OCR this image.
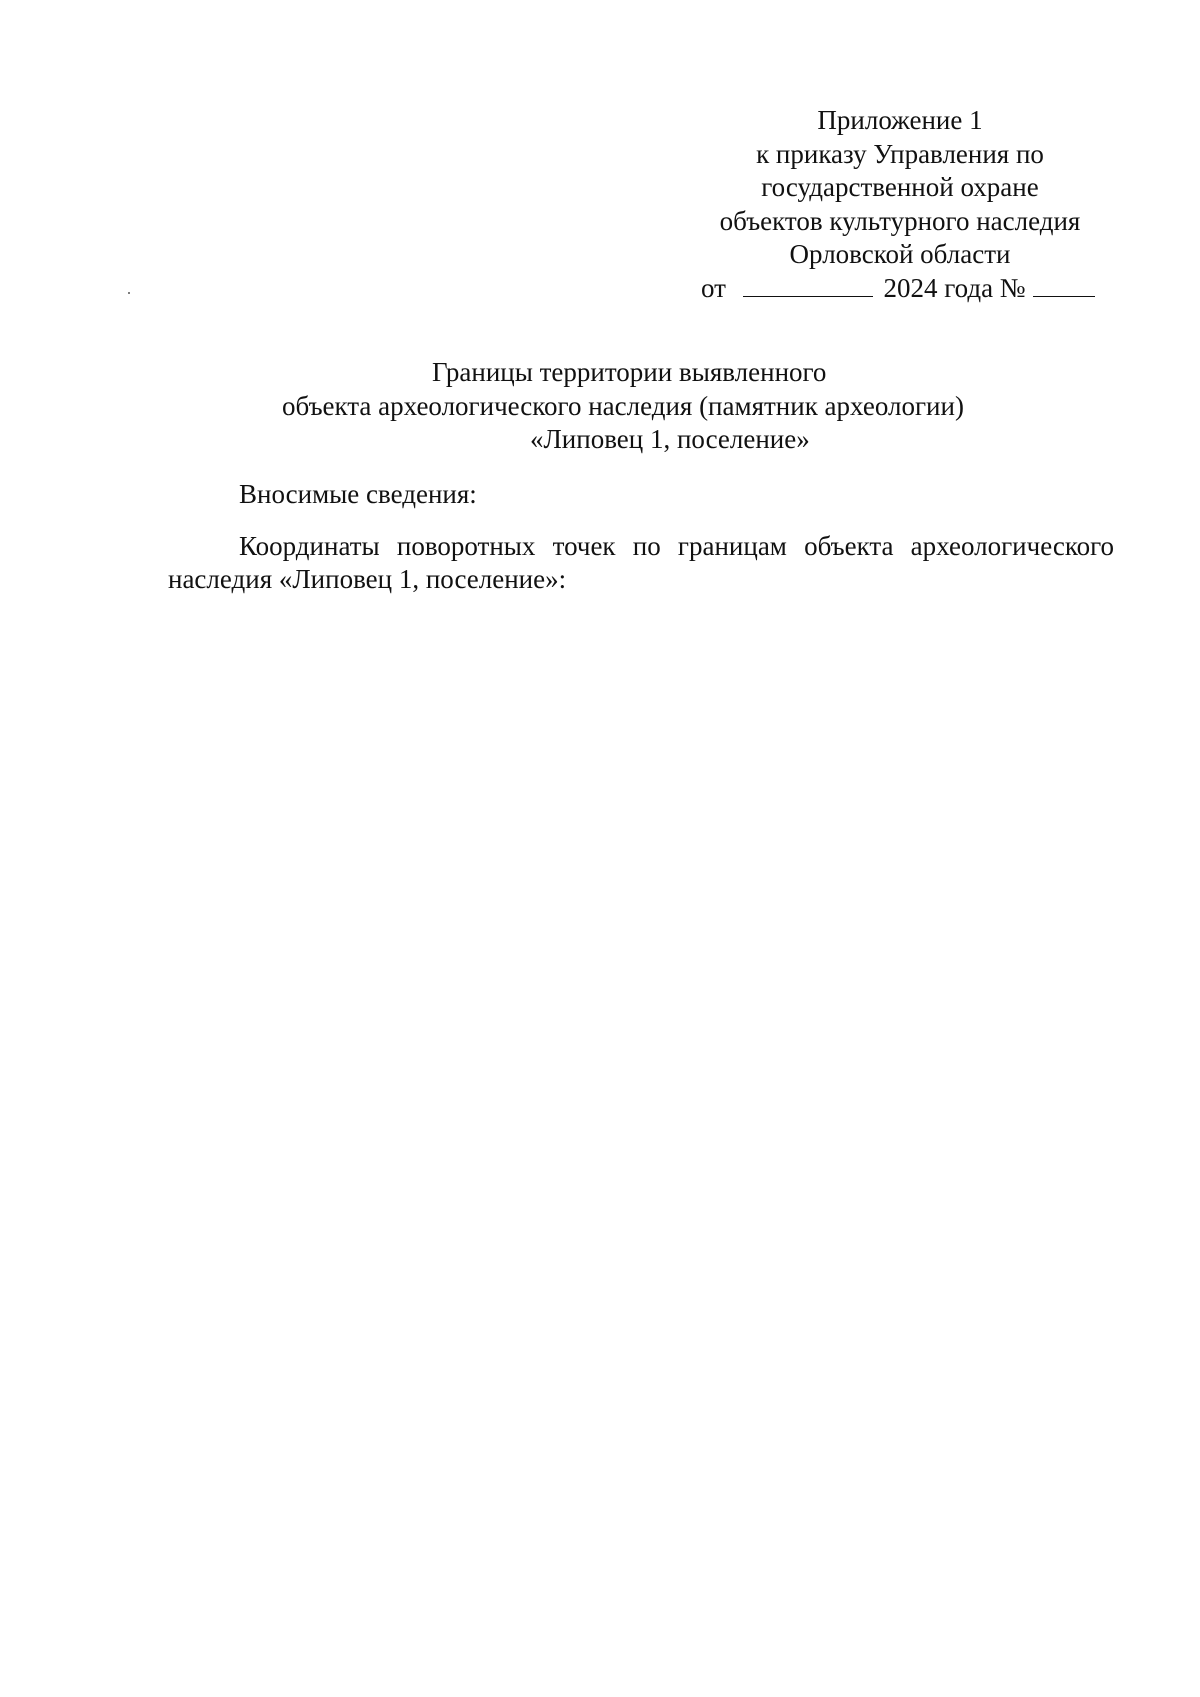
Приложение 1
к приказу Управления по
государственной охране
объектов культурного наследия
Орловской области
от	2024 года №
Границы территории выявленного
объекта археологического наследия (памятник археологии)
«Липовец 1, поселение»
Вносимые сведения:
Координаты поворотных точек по границам объекта археологического наследия «Липовец 1, поселение»:
